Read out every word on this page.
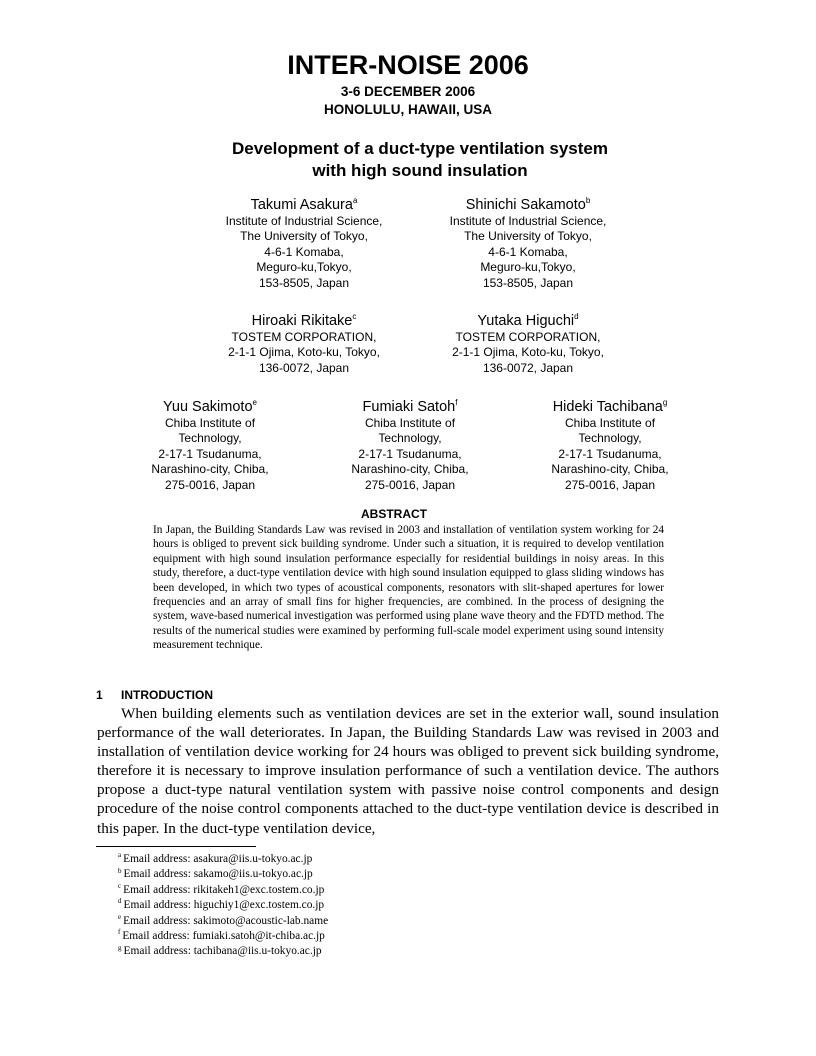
INTER-NOISE 2006
3-6 DECEMBER 2006
HONOLULU, HAWAII, USA
Development of a duct-type ventilation system
with high sound insulation
Takumi Asakura$^a$
Institute of Industrial Science,
The University of Tokyo,
4-6-1 Komaba,
Meguro-ku,Tokyo,
153-8505, Japan
Shinichi Sakamoto$^b$
Institute of Industrial Science,
The University of Tokyo,
4-6-1 Komaba,
Meguro-ku,Tokyo,
153-8505, Japan
Hiroaki Rikitake$^c$
TOSTEM CORPORATION,
2-1-1 Ojima, Koto-ku, Tokyo,
136-0072, Japan
Yutaka Higuchi$^d$
TOSTEM CORPORATION,
2-1-1 Ojima, Koto-ku, Tokyo,
136-0072, Japan
Yuu Sakimoto$^e$
Chiba Institute of
Technology,
2-17-1 Tsudanuma,
Narashino-city, Chiba,
275-0016, Japan
Fumiaki Satoh$^f$
Chiba Institute of
Technology,
2-17-1 Tsudanuma,
Narashino-city, Chiba,
275-0016, Japan
Hideki Tachibana$^g$
Chiba Institute of
Technology,
2-17-1 Tsudanuma,
Narashino-city, Chiba,
275-0016, Japan
ABSTRACT
In Japan, the Building Standards Law was revised in 2003 and installation of ventilation system working for 24 hours is obliged to prevent sick building syndrome. Under such a situation, it is required to develop ventilation equipment with high sound insulation performance especially for residential buildings in noisy areas. In this study, therefore, a duct-type ventilation device with high sound insulation equipped to glass sliding windows has been developed, in which two types of acoustical components, resonators with slit-shaped apertures for lower frequencies and an array of small fins for higher frequencies, are combined. In the process of designing the system, wave-based numerical investigation was performed using plane wave theory and the FDTD method. The results of the numerical studies were examined by performing full-scale model experiment using sound intensity measurement technique.
1 INTRODUCTION
When building elements such as ventilation devices are set in the exterior wall, sound insulation performance of the wall deteriorates. In Japan, the Building Standards Law was revised in 2003 and installation of ventilation device working for 24 hours was obliged to prevent sick building syndrome, therefore it is necessary to improve insulation performance of such a ventilation device. The authors propose a duct-type natural ventilation system with passive noise control components and design procedure of the noise control components attached to the duct-type ventilation device is described in this paper. In the duct-type ventilation device,
$^a$ Email address: asakura@iis.u-tokyo.ac.jp
$^b$ Email address: sakamo@iis.u-tokyo.ac.jp
$^c$ Email address: rikitakeh1@exc.tostem.co.jp
$^d$ Email address: higuchiy1@exc.tostem.co.jp
$^e$ Email address: sakimoto@acoustic-lab.name
$^f$ Email address: fumiaki.satoh@it-chiba.ac.jp
$^g$ Email address: tachibana@iis.u-tokyo.ac.jp
